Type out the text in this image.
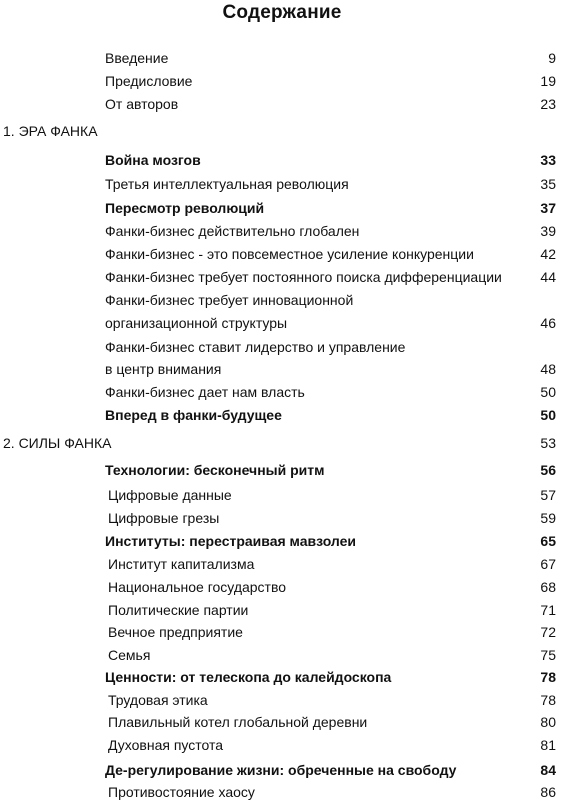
Содержание
Введение	9
Предисловие	19
От авторов	23
1. ЭРА ФАНКА
Война мозгов	33
Третья интеллектуальная революция	35
Пересмотр революций	37
Фанки-бизнес действительно глобален	39
Фанки-бизнес - это повсеместное усиление конкуренции	42
Фанки-бизнес требует постоянного поиска дифференциации	44
Фанки-бизнес требует инновационной
организационной структуры	46
Фанки-бизнес ставит лидерство и управление
в центр внимания	48
Фанки-бизнес дает нам власть	50
Вперед в фанки-будущее	50
2. СИЛЫ ФАНКА	53
Технологии: бесконечный ритм	56
Цифровые данные	57
Цифровые грезы	59
Институты: перестраивая мавзолеи	65
Институт капитализма	67
Национальное государство	68
Политические партии	71
Вечное предприятие	72
Семья	75
Ценности: от телескопа до калейдоскопа	78
Трудовая этика	78
Плавильный котел глобальной деревни	80
Духовная пустота	81
Де-регулирование жизни: обреченные на свободу	84
Противостояние хаосу	86
